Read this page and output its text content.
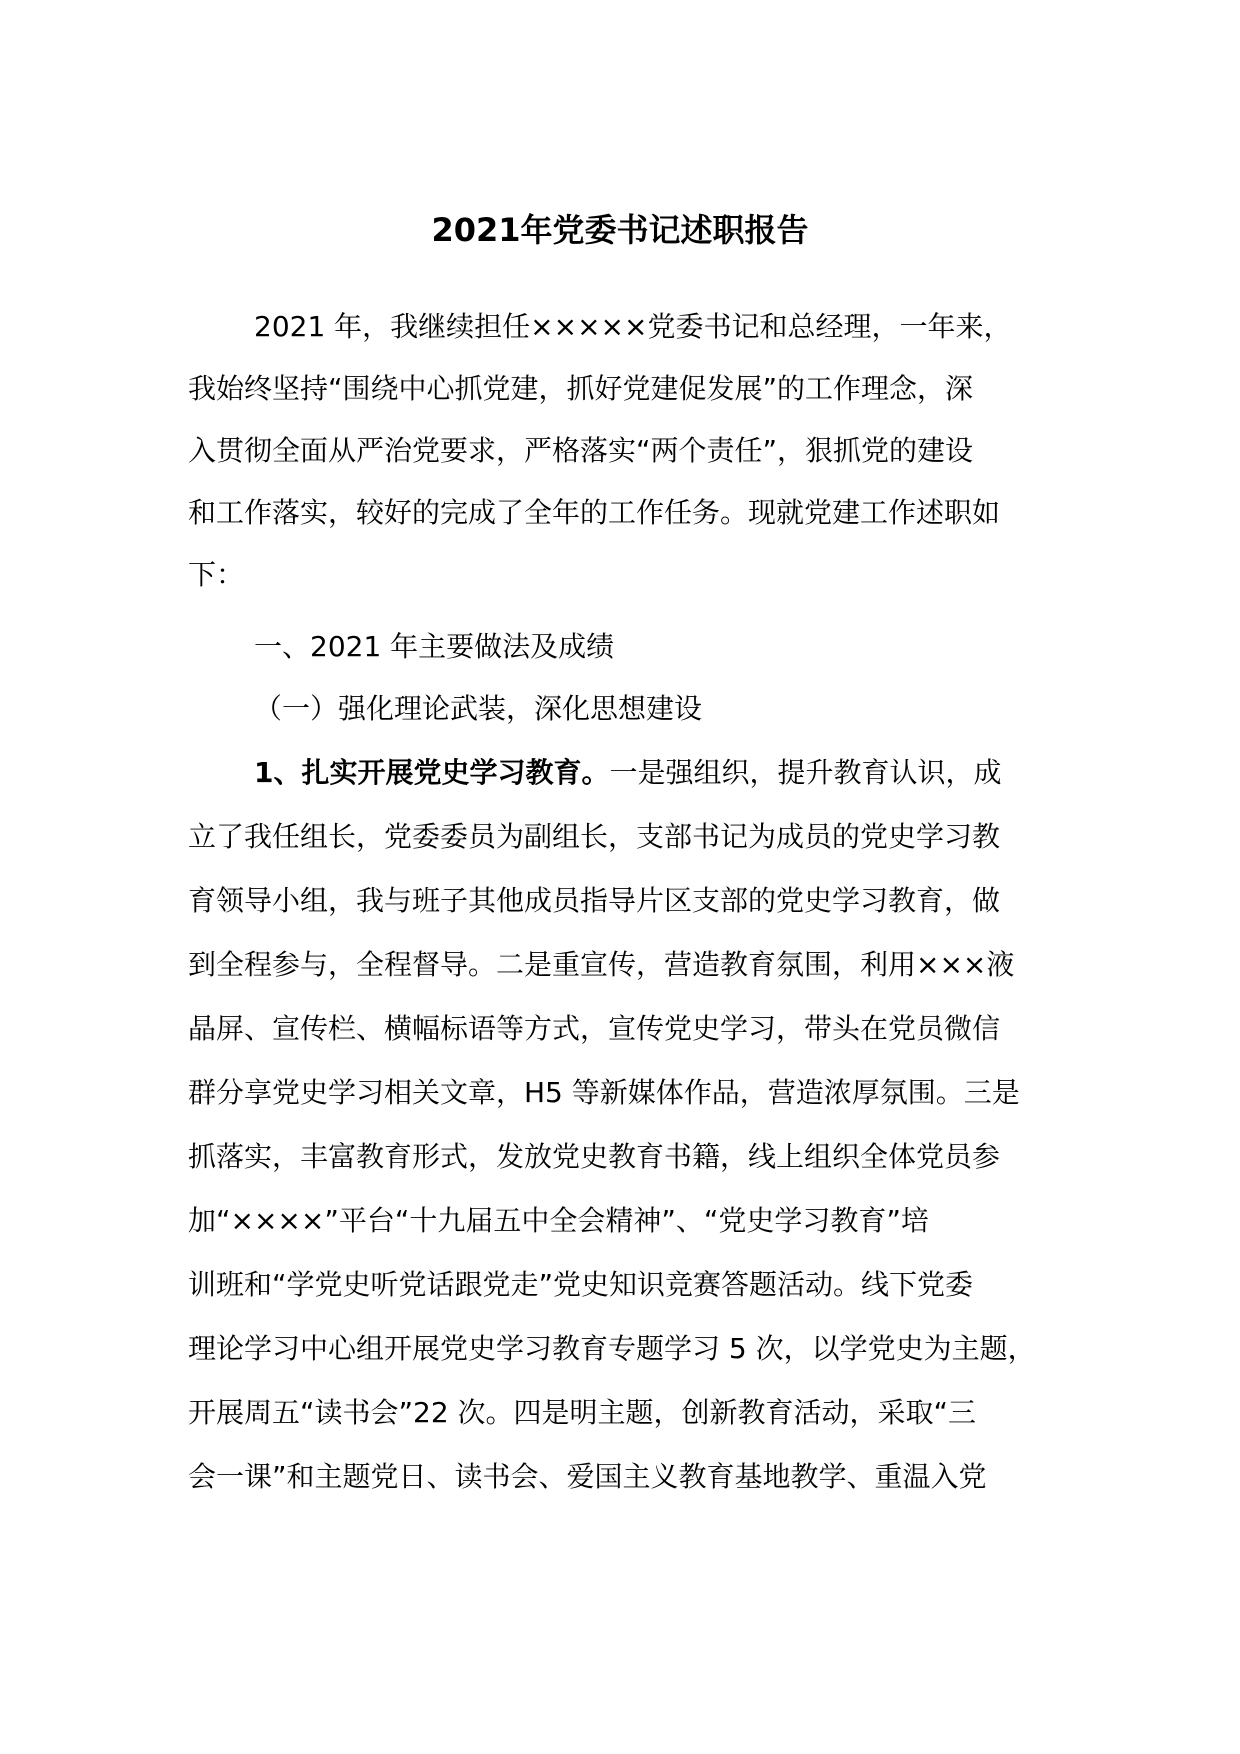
2021年党委书记述职报告

2021 年，我继续担任×××××党委书记和总经理，一年来，

我始终坚持“围绕中心抓党建，抓好党建促发展”的工作理念，深

入贯彻全面从严治党要求，严格落实“两个责任”，狠抓党的建设

和工作落实，较好的完成了全年的工作任务。现就党建工作述职如

下：

一、2021 年主要做法及成绩

（一）强化理论武装，深化思想建设

1、扎实开展党史学习教育。一是强组织，提升教育认识，成

立了我任组长，党委委员为副组长，支部书记为成员的党史学习教

育领导小组，我与班子其他成员指导片区支部的党史学习教育，做

到全程参与，全程督导。二是重宣传，营造教育氛围，利用×××液

晶屏、宣传栏、横幅标语等方式，宣传党史学习，带头在党员微信

群分享党史学习相关文章，H5 等新媒体作品，营造浓厚氛围。三是

抓落实，丰富教育形式，发放党史教育书籍，线上组织全体党员参

加“××××”平台“十九届五中全会精神”、“党史学习教育”培

训班和“学党史听党话跟党走”党史知识竞赛答题活动。线下党委

理论学习中心组开展党史学习教育专题学习 5 次，以学党史为主题，

开展周五“读书会”22 次。四是明主题，创新教育活动，采取“三

会一课”和主题党日、读书会、爱国主义教育基地教学、重温入党
